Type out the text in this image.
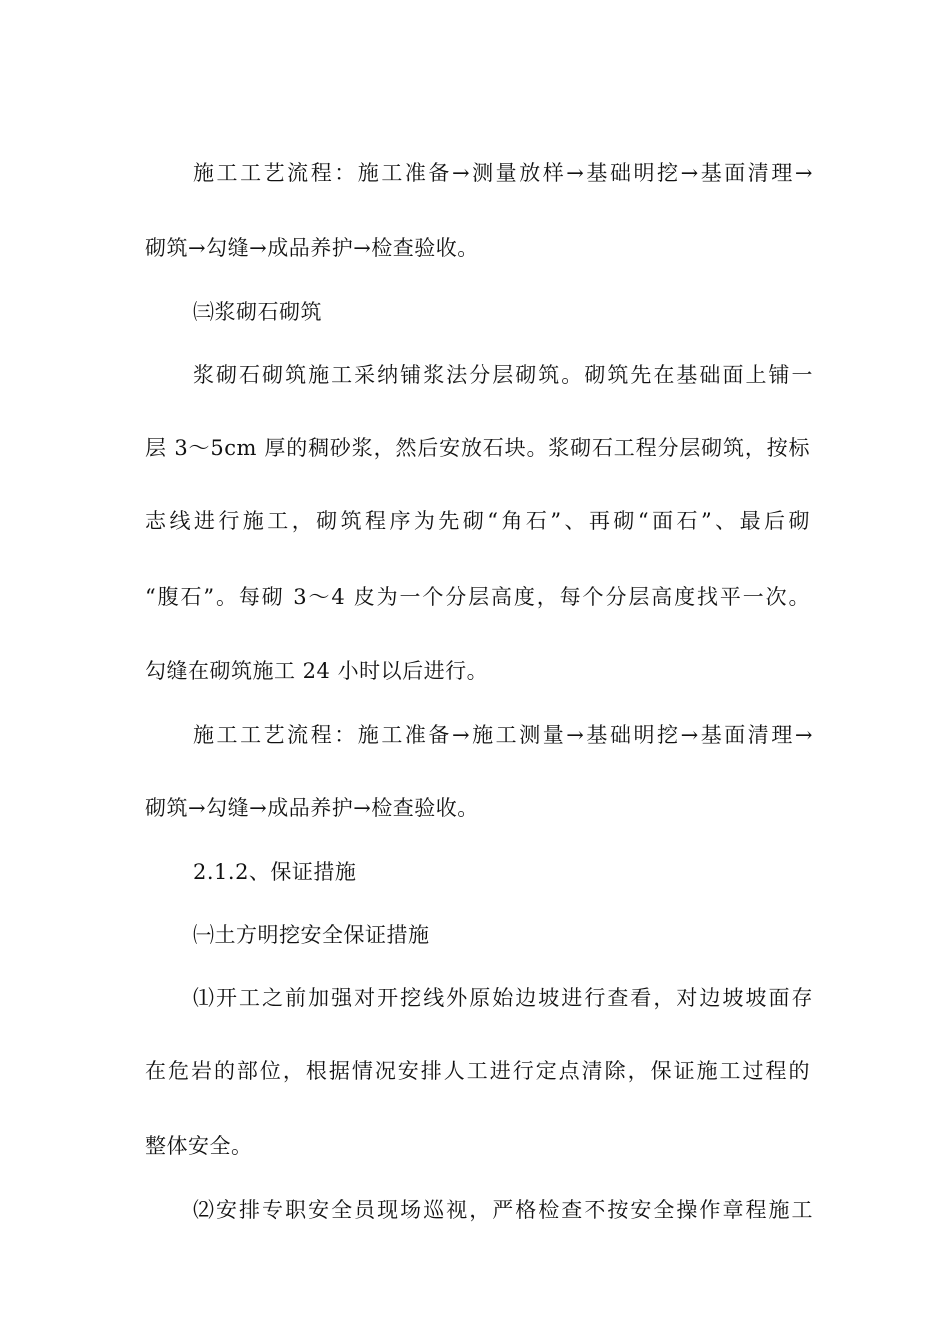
施工工艺流程：施工准备→测量放样→基础明挖→基面清理→

砌筑→勾缝→成品养护→检查验收。

㈢浆砌石砌筑

浆砌石砌筑施工采纳铺浆法分层砌筑。砌筑先在基础面上铺一

层 3～5cm 厚的稠砂浆，然后安放石块。浆砌石工程分层砌筑，按标

志线进行施工，砌筑程序为先砌“角石”、再砌“面石”、最后砌

“腹石”。每砌 3～4 皮为一个分层高度，每个分层高度找平一次。

勾缝在砌筑施工 24 小时以后进行。

施工工艺流程：施工准备→施工测量→基础明挖→基面清理→

砌筑→勾缝→成品养护→检查验收。

2.1.2、保证措施

㈠土方明挖安全保证措施

⑴开工之前加强对开挖线外原始边坡进行查看，对边坡坡面存

在危岩的部位，根据情况安排人工进行定点清除，保证施工过程的

整体安全。

⑵安排专职安全员现场巡视，严格检查不按安全操作章程施工
